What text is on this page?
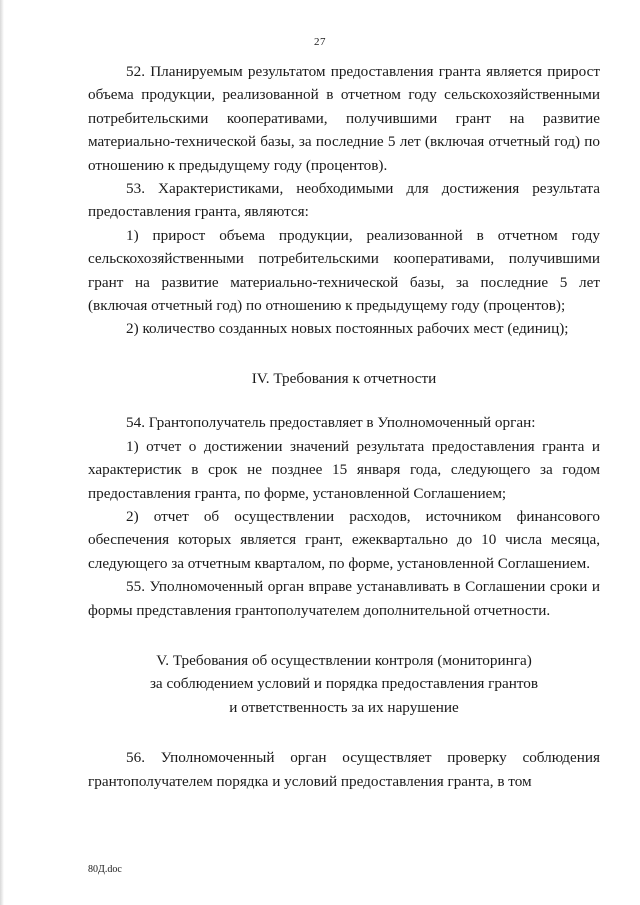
27

52. Планируемым результатом предоставления гранта является прирост объема продукции, реализованной в отчетном году сельскохозяйственными потребительскими кооперативами, получившими грант на развитие материально-технической базы, за последние 5 лет (включая отчетный год) по отношению к предыдущему году (процентов).

53. Характеристиками, необходимыми для достижения результата предоставления гранта, являются:

1) прирост объема продукции, реализованной в отчетном году сельскохозяйственными потребительскими кооперативами, получившими грант на развитие материально-технической базы, за последние 5 лет (включая отчетный год) по отношению к предыдущему году (процентов);

2) количество созданных новых постоянных рабочих мест (единиц);

IV. Требования к отчетности

54. Грантополучатель предоставляет в Уполномоченный орган:

1) отчет о достижении значений результата предоставления гранта и характеристик в срок не позднее 15 января года, следующего за годом предоставления гранта, по форме, установленной Соглашением;

2) отчет об осуществлении расходов, источником финансового обеспечения которых является грант, ежеквартально до 10 числа месяца, следующего за отчетным кварталом, по форме, установленной Соглашением.

55. Уполномоченный орган вправе устанавливать в Соглашении сроки и формы представления грантополучателем дополнительной отчетности.

V. Требования об осуществлении контроля (мониторинга)

за соблюдением условий и порядка предоставления грантов

и ответственность за их нарушение

56. Уполномоченный орган осуществляет проверку соблюдения грантополучателем порядка и условий предоставления гранта, в том

80Д.doc
